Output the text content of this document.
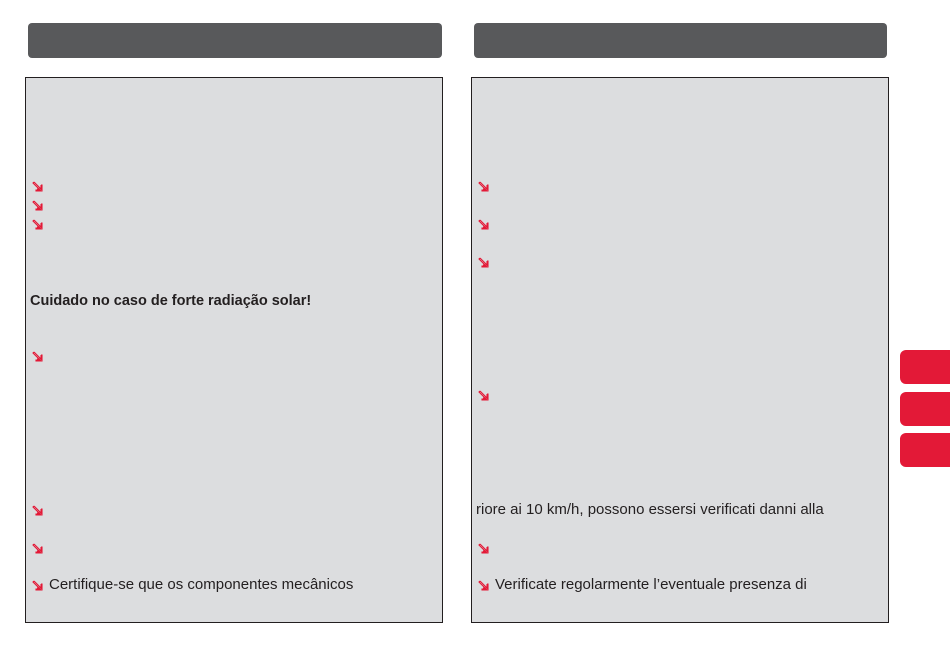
Cuidado no caso de forte radiação solar!
Certifique-se que os componentes mecânicos
riore ai 10 km/h, possono essersi verificati danni alla
Verificate regolarmente l’eventuale presenza di
